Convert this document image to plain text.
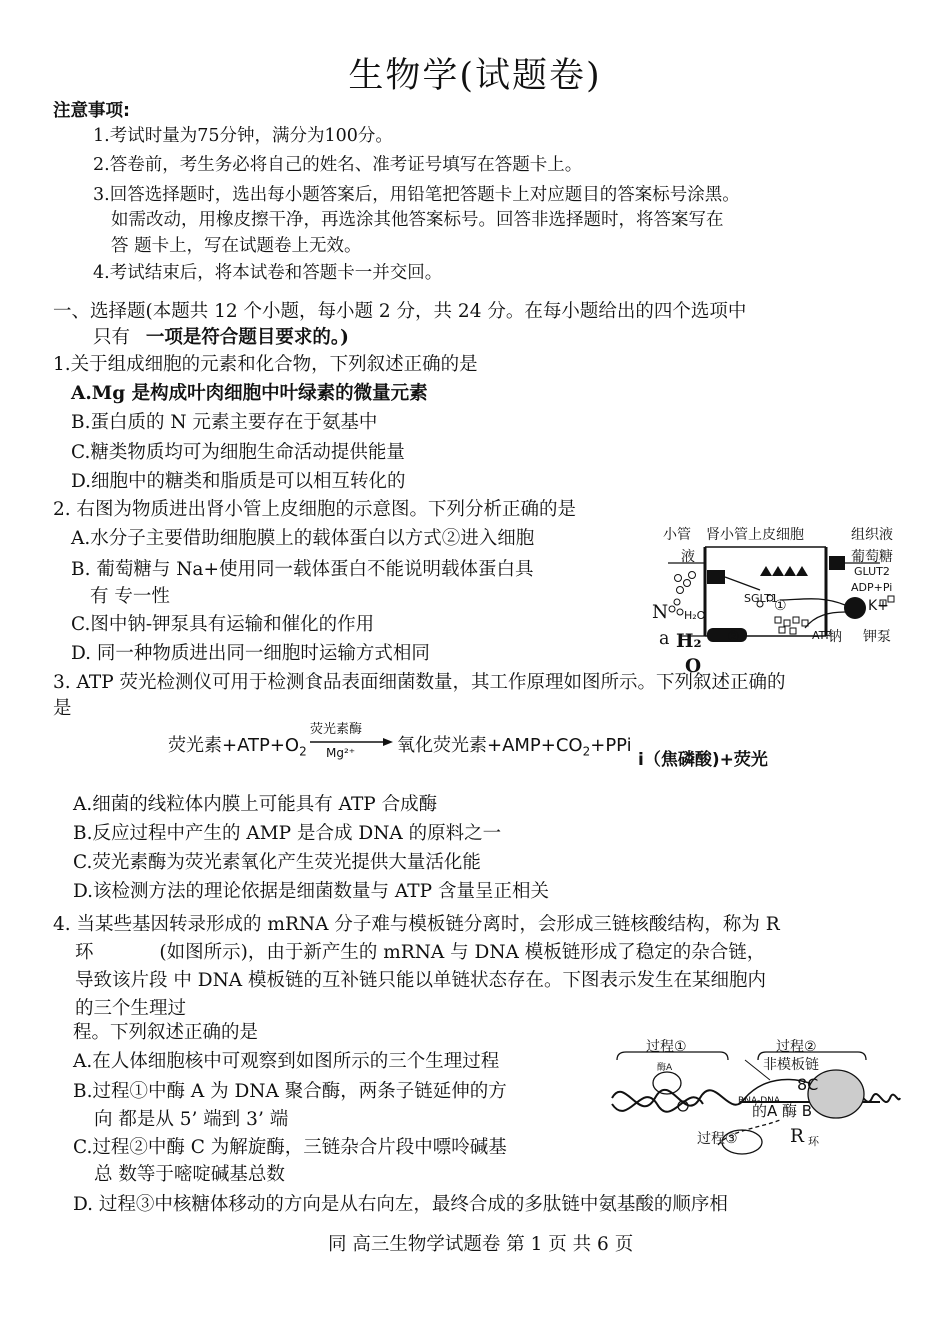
生物学(试题卷)
注意事项:
1.考试时量为75分钟，满分为100分。
2.答卷前，考生务必将自己的姓名、准考证号填写在答题卡上。
3.回答选择题时，选出每小题答案后，用铅笔把答题卡上对应题目的答案标号涂黑。
如需改动，用橡皮擦干净，再选涂其他答案标号。回答非选择题时，将答案写在
答 题卡上，写在试题卷上无效。
4.考试结束后，将本试卷和答题卡一并交回。
一、选择题(本题共 12 个小题，每小题 2 分，共 24 分。在每小题给出的四个选项中
只有 一项是符合题目要求的。)
1.关于组成细胞的元素和化合物，下列叙述正确的是
A.Mg 是构成叶肉细胞中叶绿素的微量元素
B.蛋白质的 N 元素主要存在于氨基中
C.糖类物质均可为细胞生命活动提供能量
D.细胞中的糖类和脂质是可以相互转化的
2. 右图为物质进出肾小管上皮细胞的示意图。下列分析正确的是
A.水分子主要借助细胞膜上的载体蛋白以方式②进入细胞
B. 葡萄糖与 Na+使用同一载体蛋白不能说明载体蛋白具
有 专一性
C.图中钠-钾泵具有运输和催化的作用
D. 同一种物质进出同一细胞时运输方式相同
小管
液
肾小管上皮细胞	组织液
葡萄糖
GLUT2
ADP+Pi
SGLT1
①
②	ATP
钠 钾泵
K+
H₂O
N
a H₂
O
3. ATP 荧光检测仪可用于检测食品表面细菌数量，其工作原理如图所示。下列叙述正确的
是
荧光素$+ATP+O_2$
荧光素酶
Mg²⁺ 氧化荧光素$+AMP+CO_2+PPi$
i（焦磷酸)+荧光
A.细菌的线粒体内膜上可能具有 ATP 合成酶
B.反应过程中产生的 AMP 是合成 DNA 的原料之一
C.荧光素酶为荧光素氧化产生荧光提供大量活化能
D.该检测方法的理论依据是细菌数量与 ATP 含量呈正相关
4. 当某些基因转录形成的 mRNA 分子难与模板链分离时，会形成三链核酸结构，称为 R
环	(如图所示)，由于新产生的 mRNA 与 DNA 模板链形成了稳定的杂合链，
导致该片段 中 DNA 模板链的互补链只能以单链状态存在。下图表示发生在某细胞内
的三个生理过
程。下列叙述正确的是
A.在人体细胞核中可观察到如图所示的三个生理过程
B.过程①中酶 A 为 DNA 聚合酶，两条子链延伸的方
向 都是从 5’ 端到 3’ 端
C.过程②中酶 C 为解旋酶，三链杂合片段中嘌呤碱基
总 数等于嘧啶碱基总数
D. 过程③中核糖体移动的方向是从右向左，最终合成的多肽链中氨基酸的顺序相
过程①	过程②
非模板链
酶A
8C
的A 酶 B
RNA-DNA
过程③	R 环
同 高三生物学试题卷 第 1 页 共 6 页
